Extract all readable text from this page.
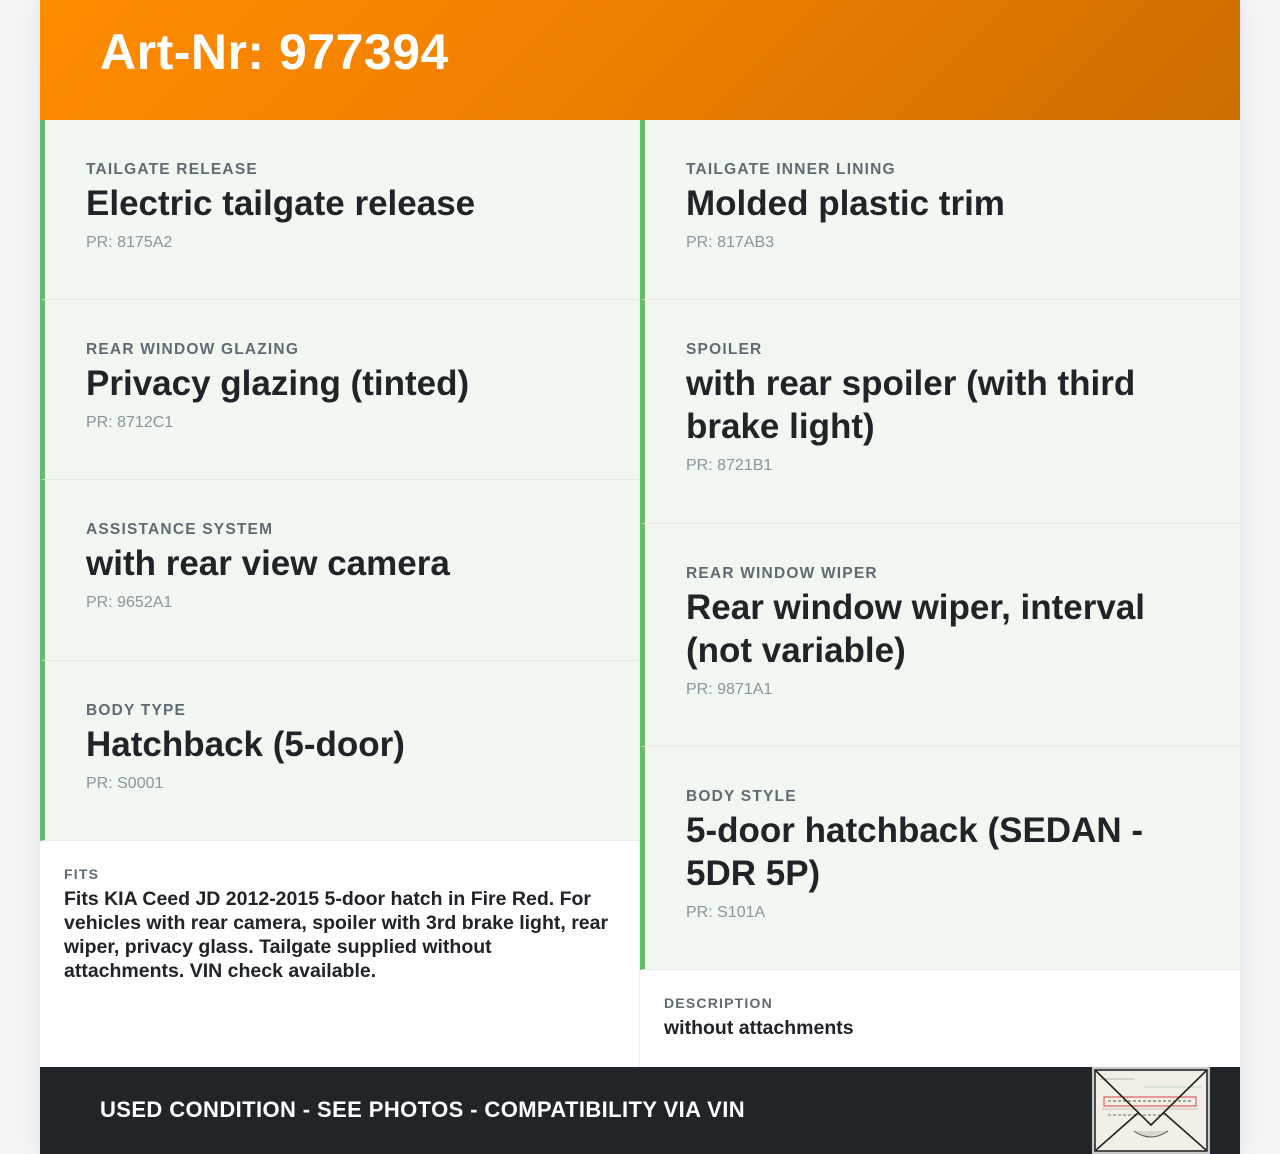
Art-Nr: 977394
TAILGATE RELEASE
Electric tailgate release
PR: 8175A2
REAR WINDOW GLAZING
Privacy glazing (tinted)
PR: 8712C1
ASSISTANCE SYSTEM
with rear view camera
PR: 9652A1
BODY TYPE
Hatchback (5-door)
PR: S0001
FITS
Fits KIA Ceed JD 2012-2015 5-door hatch in Fire Red. For vehicles with rear camera, spoiler with 3rd brake light, rear wiper, privacy glass. Tailgate supplied without attachments. VIN check available.
TAILGATE INNER LINING
Molded plastic trim
PR: 817AB3
SPOILER
with rear spoiler (with third brake light)
PR: 8721B1
REAR WINDOW WIPER
Rear window wiper, interval (not variable)
PR: 9871A1
BODY STYLE
5-door hatchback (SEDAN - 5DR 5P)
PR: S101A
DESCRIPTION
without attachments
USED CONDITION - SEE PHOTOS - COMPATIBILITY VIA VIN
